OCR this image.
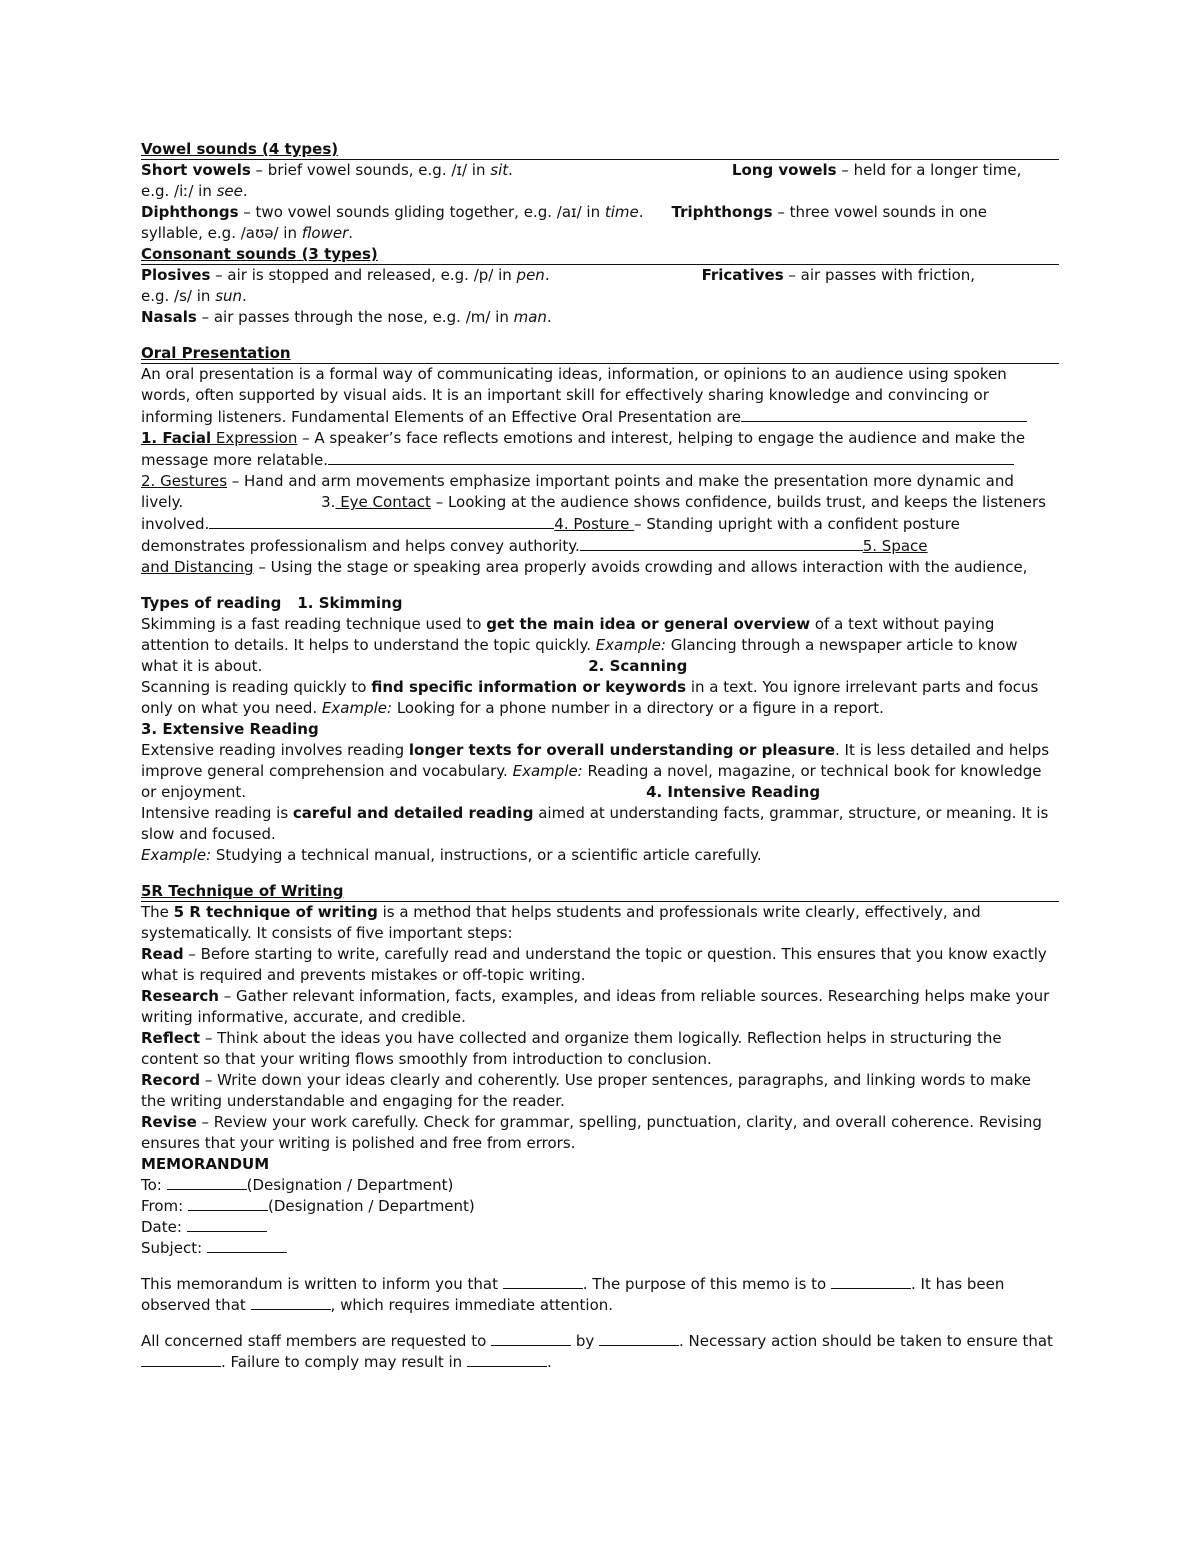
Vowel sounds (4 types)

Short vowels – brief vowel sounds, e.g. /ɪ/ in sit.	Long vowels – held for a longer time,
e.g. /iː/ in see.

Diphthongs – two vowel sounds gliding together, e.g. /aɪ/ in time. Triphthongs – three vowel sounds in one
syllable, e.g. /aʊə/ in flower.

Consonant sounds (3 types)

Plosives – air is stopped and released, e.g. /p/ in pen.	Fricatives – air passes with friction,
e.g. /s/ in sun.

Nasals – air passes through the nose, e.g. /m/ in man.

Oral Presentation

An oral presentation is a formal way of communicating ideas, information, or opinions to an audience using spoken words, often supported by visual aids. It is an important skill for effectively sharing knowledge and convincing or informing listeners. Fundamental Elements of an Effective Oral Presentation are

1. Facial Expression – A speaker’s face reflects emotions and interest, helping to engage the audience and make the message more relatable.

2. Gestures – Hand and arm movements emphasize important points and make the presentation more dynamic and lively.	3. Eye Contact – Looking at the audience shows confidence, builds trust, and keeps the listeners involved.	4. Posture – Standing upright with a confident posture demonstrates professionalism and helps convey authority.	5. Space
and Distancing – Using the stage or speaking area properly avoids crowding and allows interaction with the audience,

Types of reading 1. Skimming
Skimming is a fast reading technique used to get the main idea or general overview of a text without paying attention to details. It helps to understand the topic quickly. Example: Glancing through a newspaper article to know what it is about.	2. Scanning

Scanning is reading quickly to find specific information or keywords in a text. You ignore irrelevant parts and focus only on what you need. Example: Looking for a phone number in a directory or a figure in a report.

3. Extensive Reading
Extensive reading involves reading longer texts for overall understanding or pleasure. It is less detailed and helps improve general comprehension and vocabulary. Example: Reading a novel, magazine, or technical book for knowledge or enjoyment.	4. Intensive Reading

Intensive reading is careful and detailed reading aimed at understanding facts, grammar, structure, or meaning. It is slow and focused.

Example: Studying a technical manual, instructions, or a scientific article carefully.

5R Technique of Writing

The 5 R technique of writing is a method that helps students and professionals write clearly, effectively, and systematically. It consists of five important steps:

Read – Before starting to write, carefully read and understand the topic or question. This ensures that you know exactly what is required and prevents mistakes or off-topic writing.

Research – Gather relevant information, facts, examples, and ideas from reliable sources. Researching helps make your writing informative, accurate, and credible.

Reflect – Think about the ideas you have collected and organize them logically. Reflection helps in structuring the content so that your writing flows smoothly from introduction to conclusion.

Record – Write down your ideas clearly and coherently. Use proper sentences, paragraphs, and linking words to make the writing understandable and engaging for the reader.

Revise – Review your work carefully. Check for grammar, spelling, punctuation, clarity, and overall coherence. Revising ensures that your writing is polished and free from errors.

MEMORANDUM

To:	(Designation / Department)

From:	(Designation / Department)

Date:

Subject:

This memorandum is written to inform you that	. The purpose of this memo is to	. It has been observed that	, which requires immediate attention.

All concerned staff members are requested to	by	. Necessary action should be taken to ensure that . Failure to comply may result in	.
